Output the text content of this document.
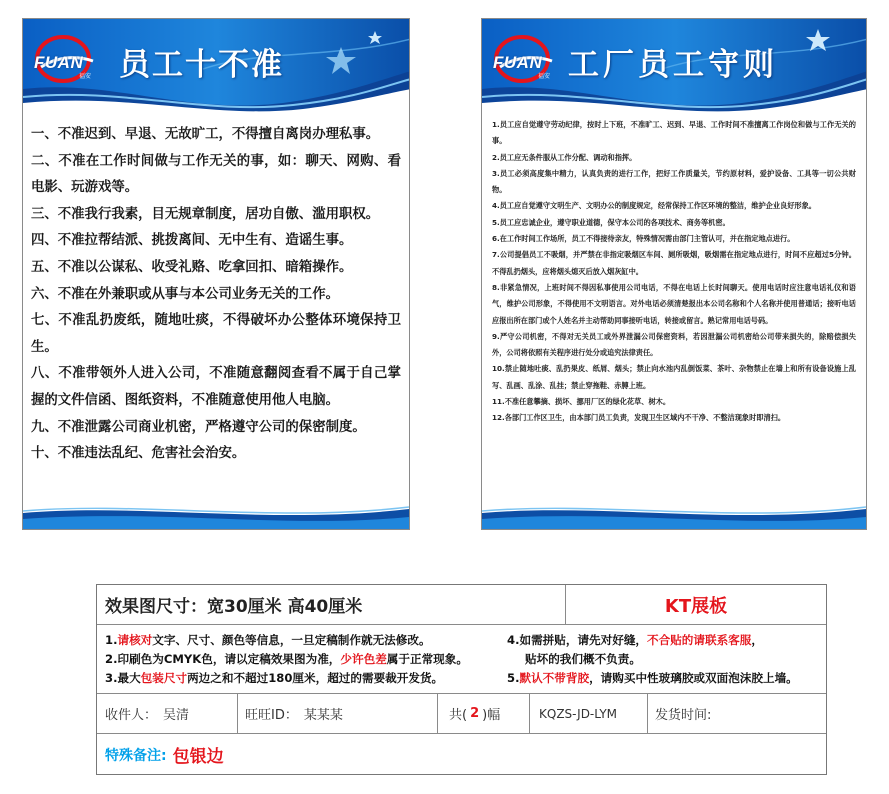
FUAN
福安 员工十不准
一、不准迟到、早退、无故旷工，不得擅自离岗办理私事。
二、不准在工作时间做与工作无关的事，如：聊天、网购、看电影、玩游戏等。
三、不准我行我素，目无规章制度，居功自傲、滥用职权。
四、不准拉帮结派、挑拨离间、无中生有、造谣生事。
五、不准以公谋私、收受礼赂、吃拿回扣、暗箱操作。
六、不准在外兼职或从事与本公司业务无关的工作。
七、不准乱扔废纸，随地吐痰，不得破坏办公整体环境保持卫生。
八、不准带领外人进入公司，不准随意翻阅查看不属于自己掌握的文件信函、图纸资料，不准随意使用他人电脑。
九、不准泄露公司商业机密，严格遵守公司的保密制度。
十、不准违法乱纪、危害社会治安。
FUAN
福安 工厂员工守则
1.员工应自觉遵守劳动纪律，按时上下班，不准旷工、迟到、早退、工作时间不准擅离工作岗位和做与工作无关的事。
2.员工应无条件服从工作分配、调动和指挥。
3.员工必须高度集中精力，认真负责的进行工作，把好工作质量关，节约原材料，爱护设备、工具等一切公共财物。
4.员工应自觉遵守文明生产、文明办公的制度规定，经常保持工作区环境的整洁，维护企业良好形象。
5.员工应忠诚企业，遵守职业道德，保守本公司的各项技术、商务等机密。
6.在工作时间工作场所，员工不得接待亲友，特殊情况需由部门主管认可，并在指定地点进行。
7.公司提倡员工不吸烟，并严禁在非指定吸烟区车间、厕所吸烟，吸烟需在指定地点进行，时间不应超过5分钟。不得乱扔烟头，应将烟头熄灭后放入烟灰缸中。
8.非紧急情况，上班时间不得因私事使用公司电话，不得在电话上长时间聊天。使用电话时应注意电话礼仪和语气，维护公司形象，不得使用不文明语言。对外电话必须清楚报出本公司名称和个人名称并使用普通话；接听电话应报出所在部门或个人姓名并主动帮助同事接听电话，转接或留言。熟记常用电话号码。
9.严守公司机密，不得对无关员工或外界泄漏公司保密资料，若因泄漏公司机密给公司带来损失的，除赔偿损失外，公司将依照有关程序进行处分或追究法律责任。
10.禁止随地吐痰、乱扔果皮、纸屑、烟头；禁止向水池内乱倒饭菜、茶叶、杂物禁止在墙上和所有设备设施上乱写、乱画、乱涂、乱挂；禁止穿拖鞋、赤膊上班。
11.不准任意攀摘、损坏、挪用厂区的绿化花草、树木。
12.各部门工作区卫生，由本部门员工负责，发现卫生区域内不干净、不整洁现象时即清扫。
效果图尺寸：宽30厘米 高40厘米	KT展板
1.请核对文字、尺寸、颜色等信息，一旦定稿制作就无法修改。
2.印刷色为CMYK色，请以定稿效果图为准，少许色差属于正常现象。
3.最大包装尺寸两边之和不超过180厘米，超过的需要裁开发货。
4.如需拼贴，请先对好缝，不合贴的请联系客服，
贴坏的我们概不负责。
5.默认不带背胶，请购买中性玻璃胶或双面泡沫胶上墙。
收件人： 吴清	旺旺ID： 某某某	共( 2 )幅	KQZS-JD-LYM	发货时间:
特殊备注: 包银边
